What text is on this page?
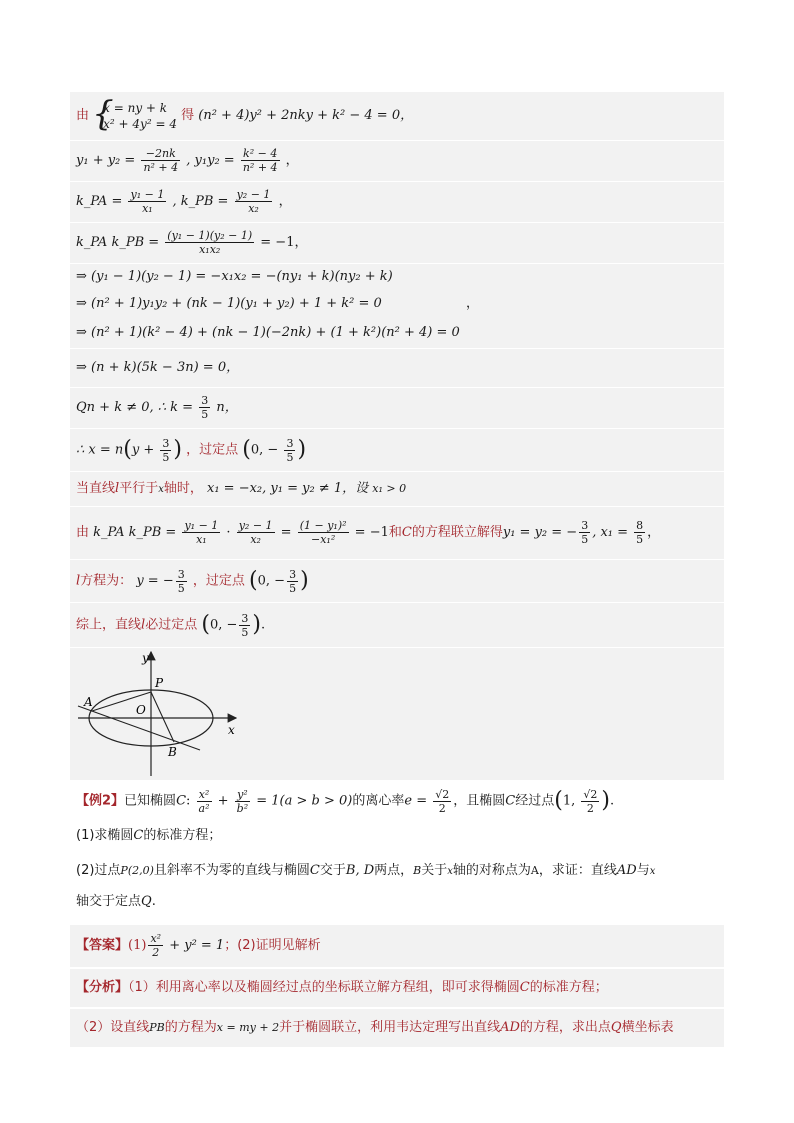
由
{ x = ny + k
x² + 4y² = 4
得 (n² + 4)y² + 2nky + k² − 4 = 0，
$y_1 + y_2 = \frac{-2nk}{\text{n² + 4}}$ , $y_1y_2 = \frac{\text{k² − 4}}{\text{n² + 4}}$ ，
k_PA = $\frac{\text{y₁ − 1}}{\text{x₁}}$ , k_PB = $\frac{\text{y₂ − 1}}{\text{x₂}}$ ，
k_PA k_PB = $\frac{\text{(y₁ − 1)(y₂ − 1)}}{\text{x₁x₂}} = -1$，
⇒ (y₁ − 1)(y₂ − 1) = −x₁x₂ = −(ny₁ + k)(ny₂ + k)
⇒ (n² + 1)y₁y₂ + (nk − 1)(y₁ + y₂) + 1 + k² = 0	，
⇒ (n² + 1)(k² − 4) + (nk − 1)(−2nk) + (1 + k²)(n² + 4) = 0
⇒ (n + k)(5k − 3n) = 0，
Qn + k ≠ 0, ∴ $k = \frac{3}{5}$ n，
∴ $x = n(y + \frac{3}{5}$ ) ，过定点 (0, − $\frac{3}{5}$ )
当直线l平行于x轴时， x₁ = −x₂, y₁ = y₂ ≠ 1，设 x₁ > 0
由 k_PA k_PB = $\frac{\text{y₁ − 1}}{\text{x₁}} \cdot \frac{\text{y₂ − 1}}{\text{x₂}} = \frac{\text{(1 − y₁)²}}{\text{−x₁²}} = -1$和C的方程联立解得y₁ = y₂ = − $\frac{3}{5}$ , $x_1 = \frac{8}{5}$ ，
l方程为： y = − $\frac{3}{5}$ ，过定点 (0, − $\frac{3}{5}$ )
综上，直线l必过定点 (0, − $\frac{3}{5}$ ).
y
x
P
O
A
B
【例2】已知椭圆C: $\frac{\text{x²}}{\text{a²}} + \frac{\text{y²}}{\text{b²}} = 1(a > b > 0)$的离心率$e = \frac{√2}{2}$ ，且椭圆C经过点(1, $\frac{√2}{2}$ ).
(1)求椭圆C的标准方程；
(2)过点P(2,0)且斜率不为零的直线与椭圆C交于B, D两点，B关于x轴的对称点为A，求证：直线AD与x
轴交于定点Q.
【答案】$(1) \frac{\text{x²}}{2} + y^2 = 1$；(2)证明见解析
【分析】（1）利用离心率以及椭圆经过点的坐标联立解方程组，即可求得椭圆C的标准方程；
（2）设直线PB的方程为x = my + 2并于椭圆联立，利用韦达定理写出直线AD的方程，求出点Q横坐标表
